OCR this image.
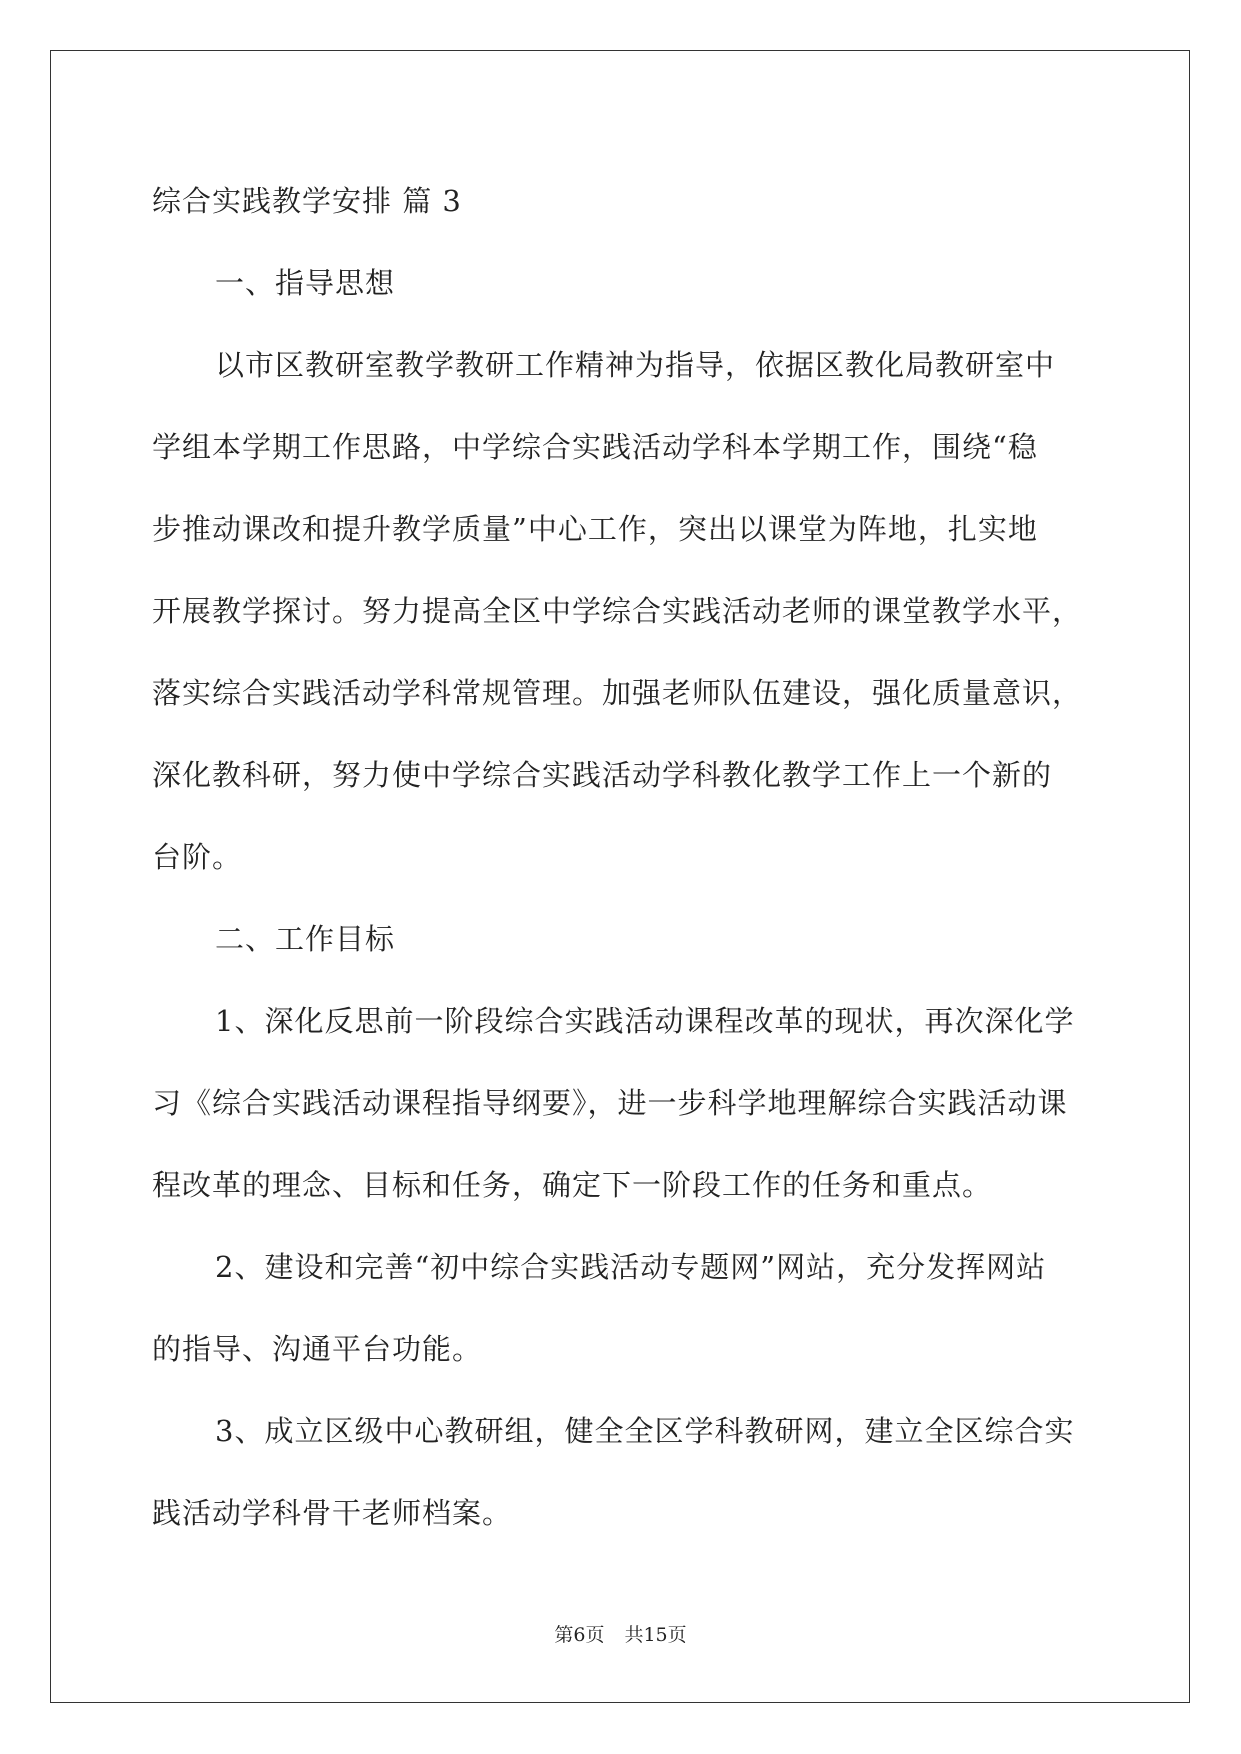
综合实践教学安排 篇 3
一、指导思想
以市区教研室教学教研工作精神为指导，依据区教化局教研室中
学组本学期工作思路，中学综合实践活动学科本学期工作，围绕“稳
步推动课改和提升教学质量”中心工作，突出以课堂为阵地，扎实地
开展教学探讨。努力提高全区中学综合实践活动老师的课堂教学水平，
落实综合实践活动学科常规管理。加强老师队伍建设，强化质量意识，
深化教科研，努力使中学综合实践活动学科教化教学工作上一个新的
台阶。
二、工作目标
1、深化反思前一阶段综合实践活动课程改革的现状，再次深化学
习《综合实践活动课程指导纲要》，进一步科学地理解综合实践活动课
程改革的理念、目标和任务，确定下一阶段工作的任务和重点。
2、建设和完善“初中综合实践活动专题网”网站，充分发挥网站
的指导、沟通平台功能。
3、成立区级中心教研组，健全全区学科教研网，建立全区综合实
践活动学科骨干老师档案。
第6页 共15页
